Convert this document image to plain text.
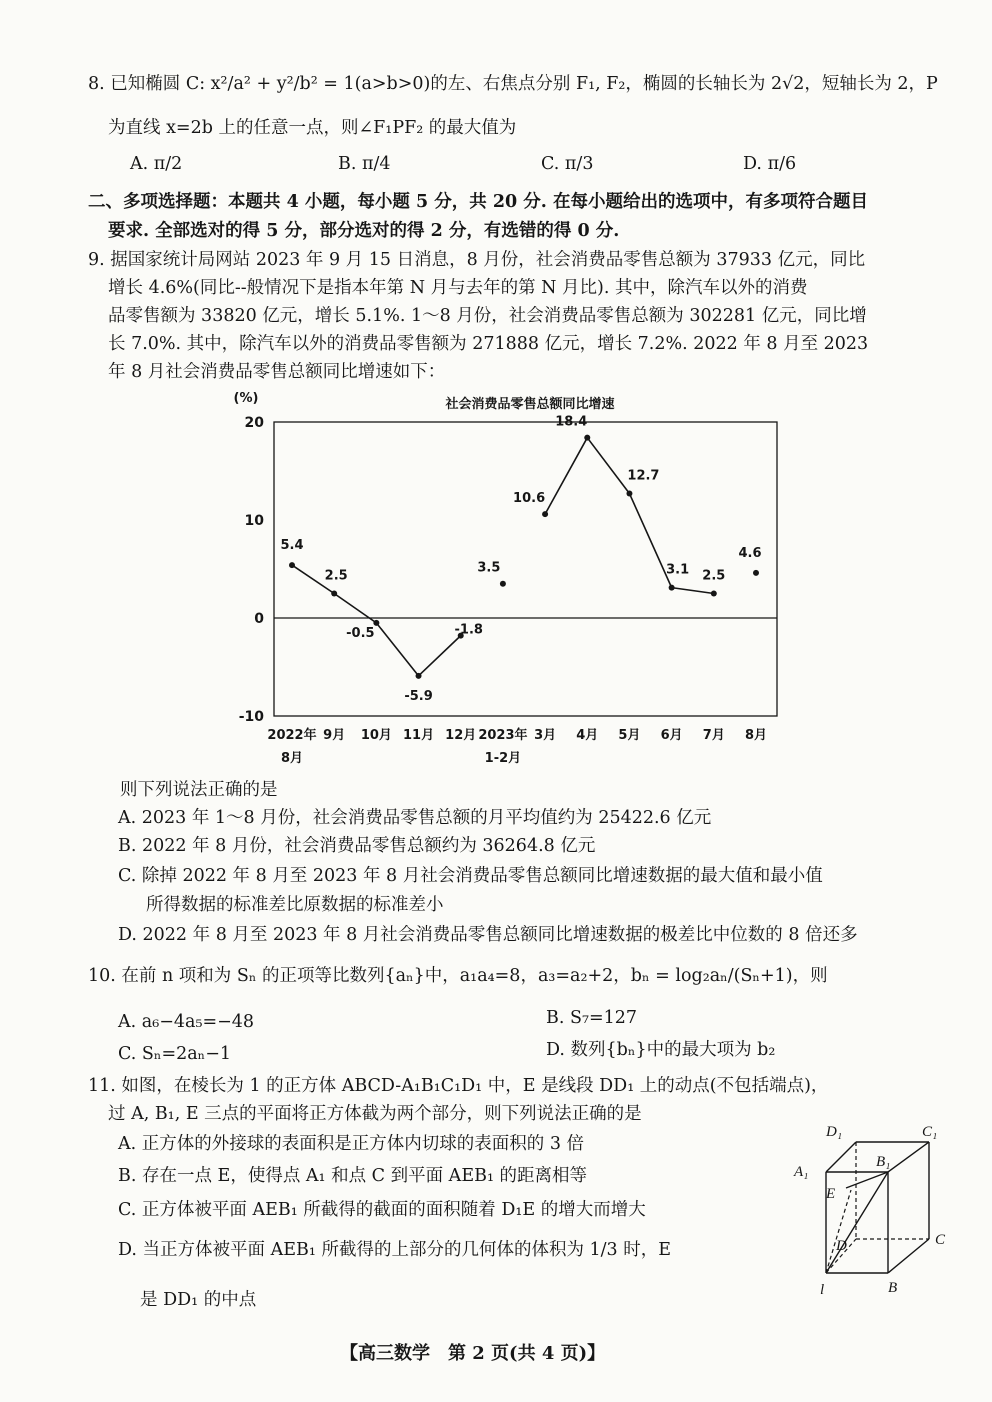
8. 已知椭圆 C: x²/a² + y²/b² = 1(a>b>0)的左、右焦点分别 F₁, F₂，椭圆的长轴长为 2√2，短轴长为 2，P
为直线 x=2b 上的任意一点，则∠F₁PF₂ 的最大值为
A. π/2	B. π/4	C. π/3	D. π/6
二、多项选择题：本题共 4 小题，每小题 5 分，共 20 分. 在每小题给出的选项中，有多项符合题目
要求. 全部选对的得 5 分，部分选对的得 2 分，有选错的得 0 分.
9. 据国家统计局网站 2023 年 9 月 15 日消息，8 月份，社会消费品零售总额为 37933 亿元，同比
增长 4.6%(同比--般情况下是指本年第 N 月与去年的第 N 月比). 其中，除汽车以外的消费
品零售额为 33820 亿元，增长 5.1%. 1～8 月份，社会消费品零售总额为 302281 亿元，同比增
长 7.0%. 其中，除汽车以外的消费品零售额为 271888 亿元，增长 7.2%. 2022 年 8 月至 2023
年 8 月社会消费品零售总额同比增速如下：
社会消费品零售总额同比增速
(%)
20
10
0
-10
2022年
8月
9月 10月 11月 12月 2023年
1-2月
3月 4月 5月 6月 7月 8月
5.4
2.5
-0.5
-5.9
-1.8
3.5
10.6
18.4
12.7
3.1 2.5
4.6
则下列说法正确的是
A. 2023 年 1～8 月份，社会消费品零售总额的月平均值约为 25422.6 亿元
B. 2022 年 8 月份，社会消费品零售总额约为 36264.8 亿元
C. 除掉 2022 年 8 月至 2023 年 8 月社会消费品零售总额同比增速数据的最大值和最小值
所得数据的标准差比原数据的标准差小
D. 2022 年 8 月至 2023 年 8 月社会消费品零售总额同比增速数据的极差比中位数的 8 倍还多
10. 在前 n 项和为 Sₙ 的正项等比数列{aₙ}中，a₁a₄=8，a₃=a₂+2，bₙ = log₂aₙ/(Sₙ+1)，则
A. a₆−4a₅=−48	B. S₇=127
C. Sₙ=2aₙ−1	D. 数列{bₙ}中的最大项为 b₂
11. 如图，在棱长为 1 的正方体 ABCD-A₁B₁C₁D₁ 中，E 是线段 DD₁ 上的动点(不包括端点)，
过 A, B₁, E 三点的平面将正方体截为两个部分，则下列说法正确的是
A. 正方体的外接球的表面积是正方体内切球的表面积的 3 倍
B. 存在一点 E，使得点 A₁ 和点 C 到平面 AEB₁ 的距离相等
C. 正方体被平面 AEB₁ 所截得的截面的面积随着 D₁E 的增大而增大
D. 当正方体被平面 AEB₁ 所截得的上部分的几何体的体积为 1/3 时，E
是 DD₁ 的中点
D₁	C₁
A₁
B₁
E
D	C
l	B
【高三数学　第 2 页(共 4 页)】
